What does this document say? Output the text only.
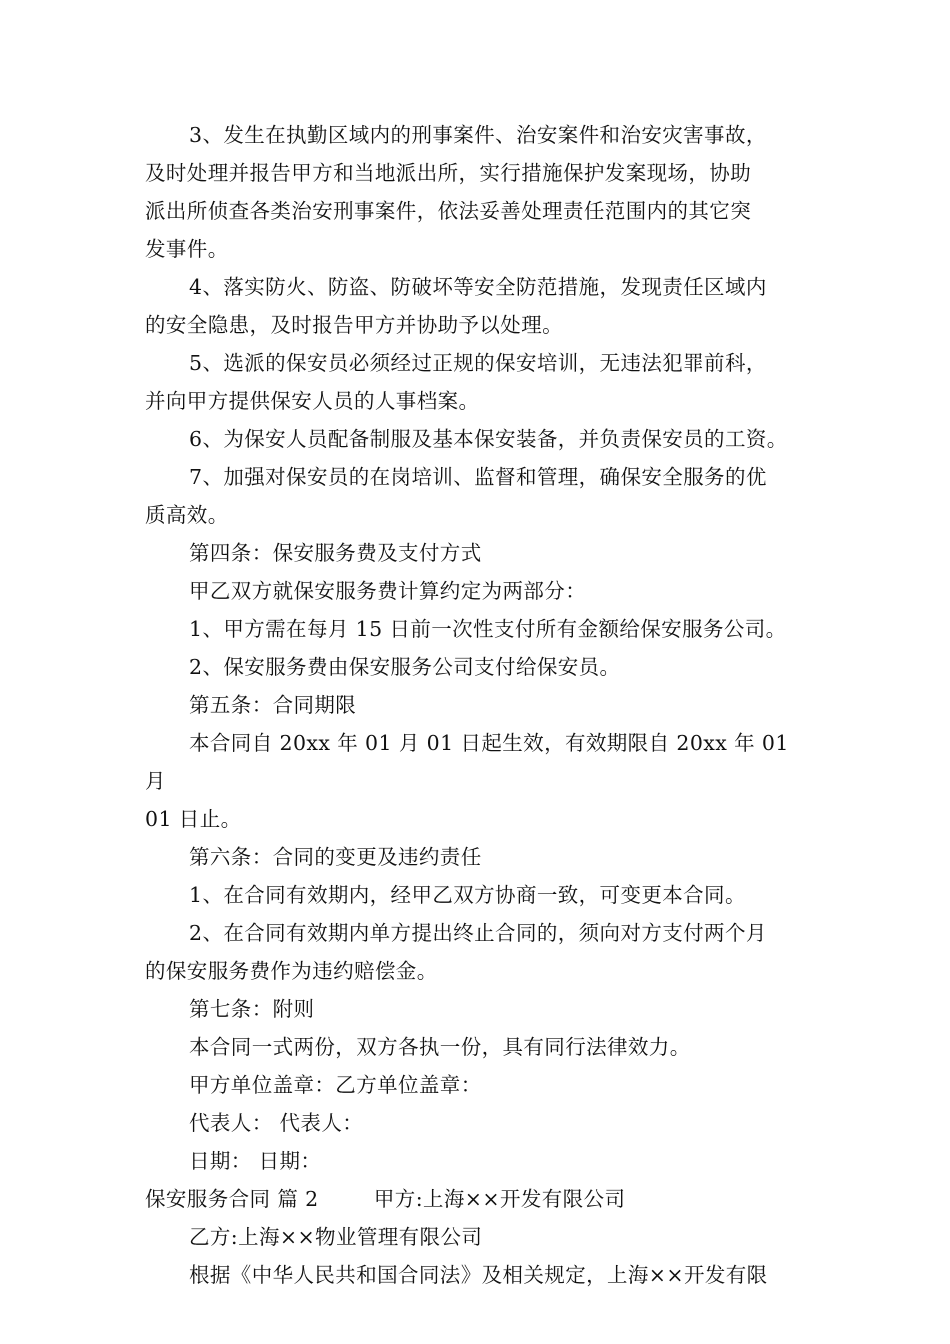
3、发生在执勤区域内的刑事案件、治安案件和治安灾害事故，
及时处理并报告甲方和当地派出所，实行措施保护发案现场，协助
派出所侦查各类治安刑事案件，依法妥善处理责任范围内的其它突
发事件。
4、落实防火、防盗、防破坏等安全防范措施，发现责任区域内
的安全隐患，及时报告甲方并协助予以处理。
5、选派的保安员必须经过正规的保安培训，无违法犯罪前科，
并向甲方提供保安人员的人事档案。
6、为保安人员配备制服及基本保安装备，并负责保安员的工资。
7、加强对保安员的在岗培训、监督和管理，确保安全服务的优
质高效。
第四条：保安服务费及支付方式
甲乙双方就保安服务费计算约定为两部分：
1、甲方需在每月 15 日前一次性支付所有金额给保安服务公司。
2、保安服务费由保安服务公司支付给保安员。
第五条：合同期限
本合同自 20xx 年 01 月 01 日起生效，有效期限自 20xx 年 01 月
01 日止。
第六条：合同的变更及违约责任
1、在合同有效期内，经甲乙双方协商一致，可变更本合同。
2、在合同有效期内单方提出终止合同的，须向对方支付两个月
的保安服务费作为违约赔偿金。
第七条：附则
本合同一式两份，双方各执一份，具有同行法律效力。
甲方单位盖章：乙方单位盖章：
代表人： 代表人：
日期： 日期：
保安服务合同 篇 2        甲方:上海××开发有限公司
乙方:上海××物业管理有限公司
根据《中华人民共和国合同法》及相关规定，上海××开发有限
